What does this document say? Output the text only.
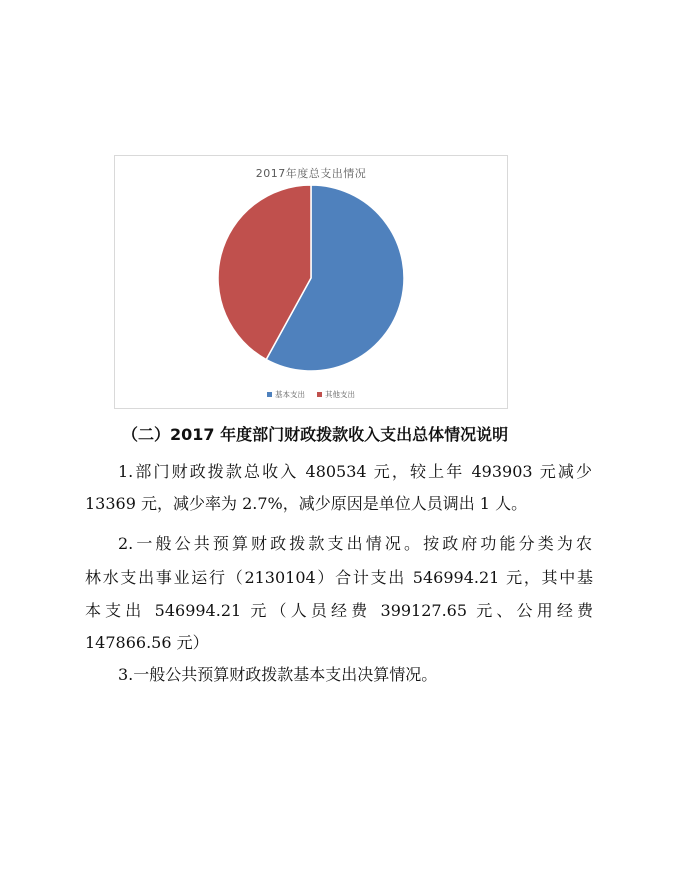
2017年度总支出情况
基本支出	其他支出
（二）2017 年度部门财政拨款收入支出总体情况说明
1.部门财政拨款总收入 480534 元，较上年 493903 元减少
13369 元，减少率为 2.7%，减少原因是单位人员调出 1 人。
2.一般公共预算财政拨款支出情况。按政府功能分类为农
林水支出事业运行（2130104）合计支出 546994.21 元，其中基
本支出 546994.21 元（人员经费 399127.65 元、公用经费
147866.56 元）
3.一般公共预算财政拨款基本支出决算情况。
